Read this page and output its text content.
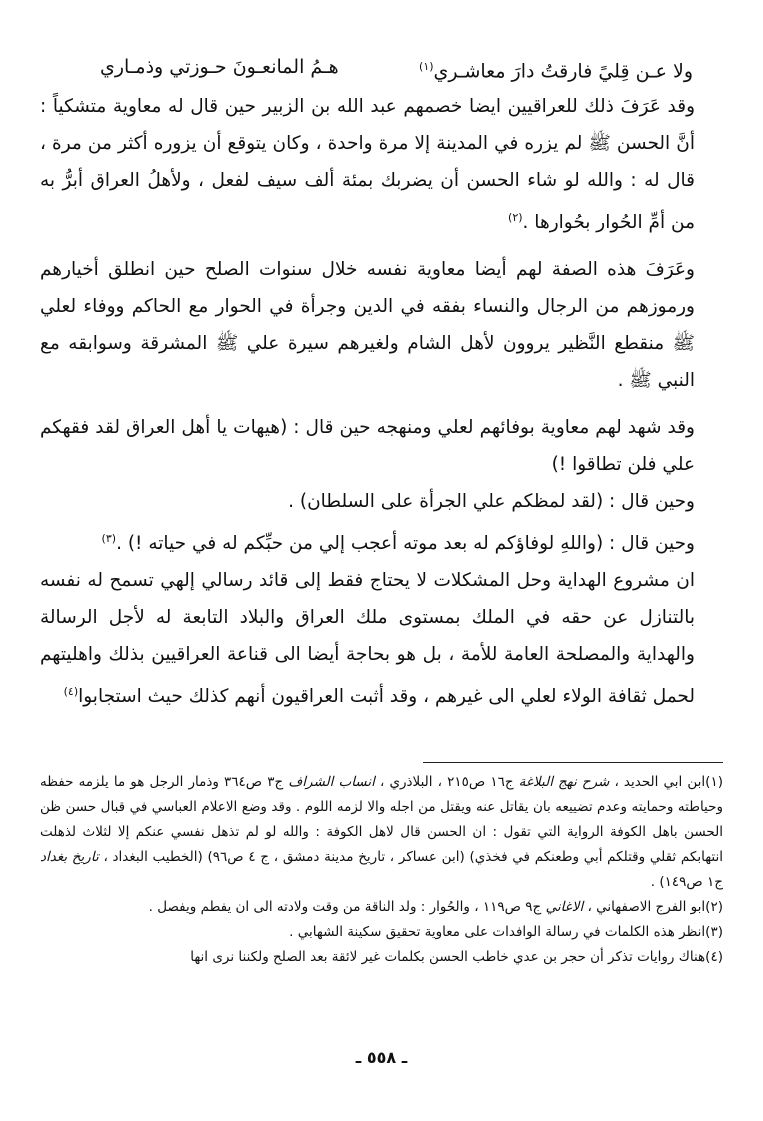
ولا عـن قِليً فارقتُ دارَ معاشـري$^{(١)}$
هـمُ المانعـونَ حـوزتي وذمـاري

وقد عَرَفَ ذلك للعراقيين ايضا خصمهم عبد الله بن الزبير حين قال له معاوية متشكياً : أنَّ الحسن ﷺ لم يزره في المدينة إلا مرة واحدة ، وكان يتوقع أن يزوره أكثر من مرة ، قال له : والله لو شاء الحسن أن يضربك بمئة ألف سيف لفعل ، ولأهلُ العراق أبرُّ به من أمِّ الحُوار بحُوارها .$^{(٢)}$

وعَرَفَ هذه الصفة لهم أيضا معاوية نفسه خلال سنوات الصلح حين انطلق أخيارهم ورموزهم من الرجال والنساء بفقه في الدين وجرأة في الحوار مع الحاكم ووفاء لعلي ﷺ منقطع النَّظير يروون لأهل الشام ولغيرهم سيرة علي ﷺ المشرقة وسوابقه مع النبي ﷺ .

وقد شهد لهم معاوية بوفائهم لعلي ومنهجه حين قال : (هيهات يا أهل العراق لقد فقهكم علي فلن تطاقوا !)

وحين قال : (لقد لمظكم علي الجرأة على السلطان) .

وحين قال : (واللهِ لوفاؤكم له بعد موته أعجب إلي من حبِّكم له في حياته !) .$^{(٣)}$

ان مشروع الهداية وحل المشكلات لا يحتاج فقط إلى قائد رسالي إلهي تسمح له نفسه بالتنازل عن حقه في الملك بمستوى ملك العراق والبلاد التابعة له لأجل الرسالة والهداية والمصلحة العامة للأمة ، بل هو بحاجة أيضا الى قناعة العراقيين بذلك واهليتهم لحمل ثقافة الولاء لعلي الى غيرهم ، وقد أثبت العراقيون أنهم كذلك حيث استجابوا$^{(٤)}$

(١)ابن ابي الحديد ، شرح نهج البلاغة ج١٦ ص٢١٥ ، البلاذري ، انساب الشراف ج٣ ص٣٦٤ وذمار الرجل هو ما يلزمه حفظه وحياطته وحمايته وعدم تضييعه بان يقاتل عنه ويقتل من اجله والا لزمه اللوم . وقد وضع الاعلام العباسي في قبال حسن ظن الحسن باهل الكوفة الرواية التي تقول : ان الحسن قال لاهل الكوفة : والله لو لم تذهل نفسي عنكم إلا لثلاث لذهلت انتهابكم ثقلي وقتلكم أبي وطعنكم في فخذي) (ابن عساكر ، تاريخ مدينة دمشق ، ج ٤ ص٩٦) (الخطيب البغداد ، تاريخ بغداد ج١ ص١٤٩) .

(٢)ابو الفرج الاصفهاني ، الاغاني ج٩ ص١١٩ ، والحُوار : ولد الناقة من وقت ولادته الى ان يفطم ويفصل .

(٣)انظر هذه الكلمات في رسالة الوافدات على معاوية تحقيق سكينة الشهابي .

(٤)هناك روايات تذكر أن حجر بن عدي خاطب الحسن بكلمات غير لائقة بعد الصلح ولكننا نرى انها

ـ ٥٥٨ ـ
